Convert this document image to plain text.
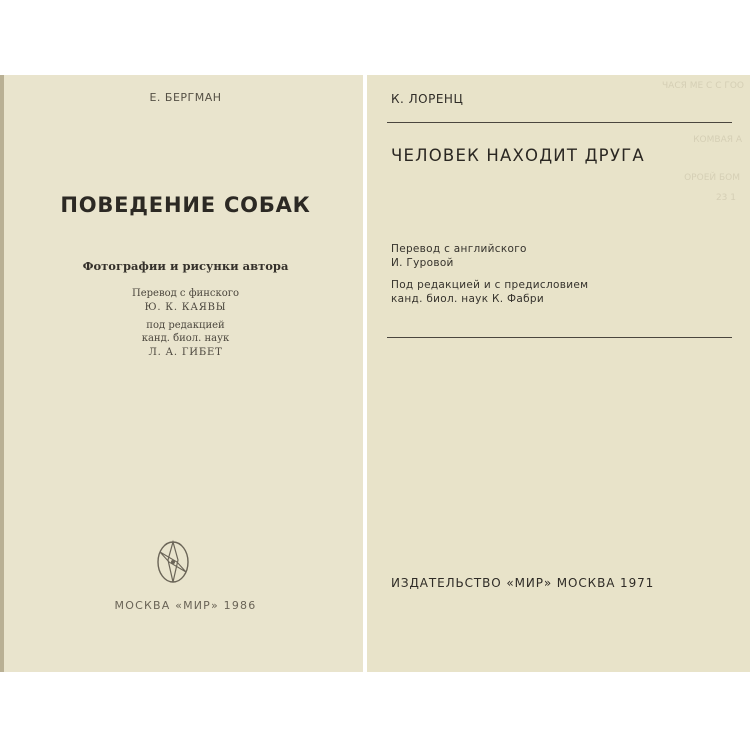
Е. БЕРГМАН
ПОВЕДЕНИЕ СОБАК
Фотографии и рисунки автора
Перевод с финского
Ю. К. КАЯВЫ
под редакцией
канд. биол. наук
Л. А. ГИБЕТ
МОСКВА «МИР» 1986
ЧАСЯ МЕ С С ГОО
КОМВАЯ А
ОРОЕЙ БОМ
23 1
К. ЛОРЕНЦ
ЧЕЛОВЕК НАХОДИТ ДРУГА
Перевод с английского
И. Гуровой
Под редакцией и с предисловием
канд. биол. наук К. Фабри
ИЗДАТЕЛЬСТВО «МИР» МОСКВА 1971
